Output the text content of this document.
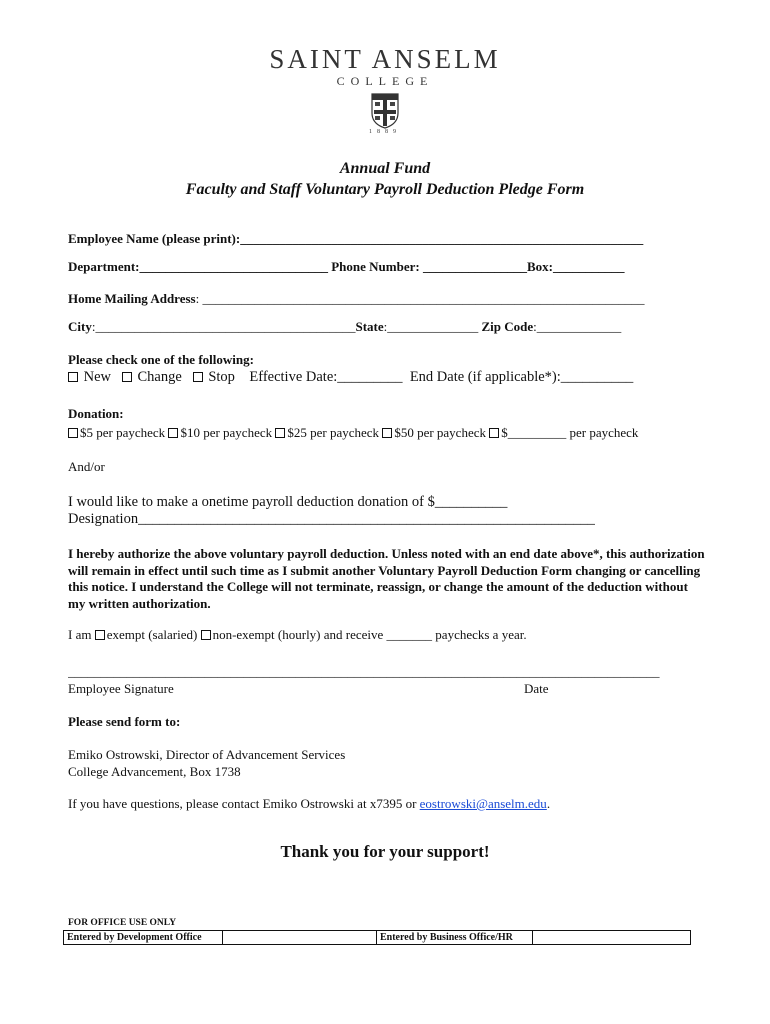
SAINT ANSELM
COLLEGE
1889
Annual Fund
Faculty and Staff Voluntary Payroll Deduction Pledge Form
Employee Name (please print):______________________________________________________________
Department:_____________________________ Phone Number: ________________Box:___________
Home Mailing Address: ____________________________________________________________________
City:________________________________________State:______________ Zip Code:_____________
Please check one of the following:
New Change Stop Effective Date:_________ End Date (if applicable*):__________
Donation:
$5 per paycheck $10 per paycheck $25 per paycheck $50 per paycheck $_________ per paycheck
And/or
I would like to make a onetime payroll deduction donation of $__________
Designation_______________________________________________________________
I hereby authorize the above voluntary payroll deduction. Unless noted with an end date above*, this authorization will remain in effect until such time as I submit another Voluntary Payroll Deduction Form changing or cancelling this notice. I understand the College will not terminate, reassign, or change the amount of the deduction without my written authorization.
I am exempt (salaried) non-exempt (hourly) and receive _______ paychecks a year.
___________________________________________________________________________________________
Employee Signature	Date
Please send form to:
Emiko Ostrowski, Director of Advancement Services
College Advancement, Box 1738
If you have questions, please contact Emiko Ostrowski at x7395 or eostrowski@anselm.edu.
Thank you for your support!
FOR OFFICE USE ONLY
Entered by Development Office	Entered by Business Office/HR
